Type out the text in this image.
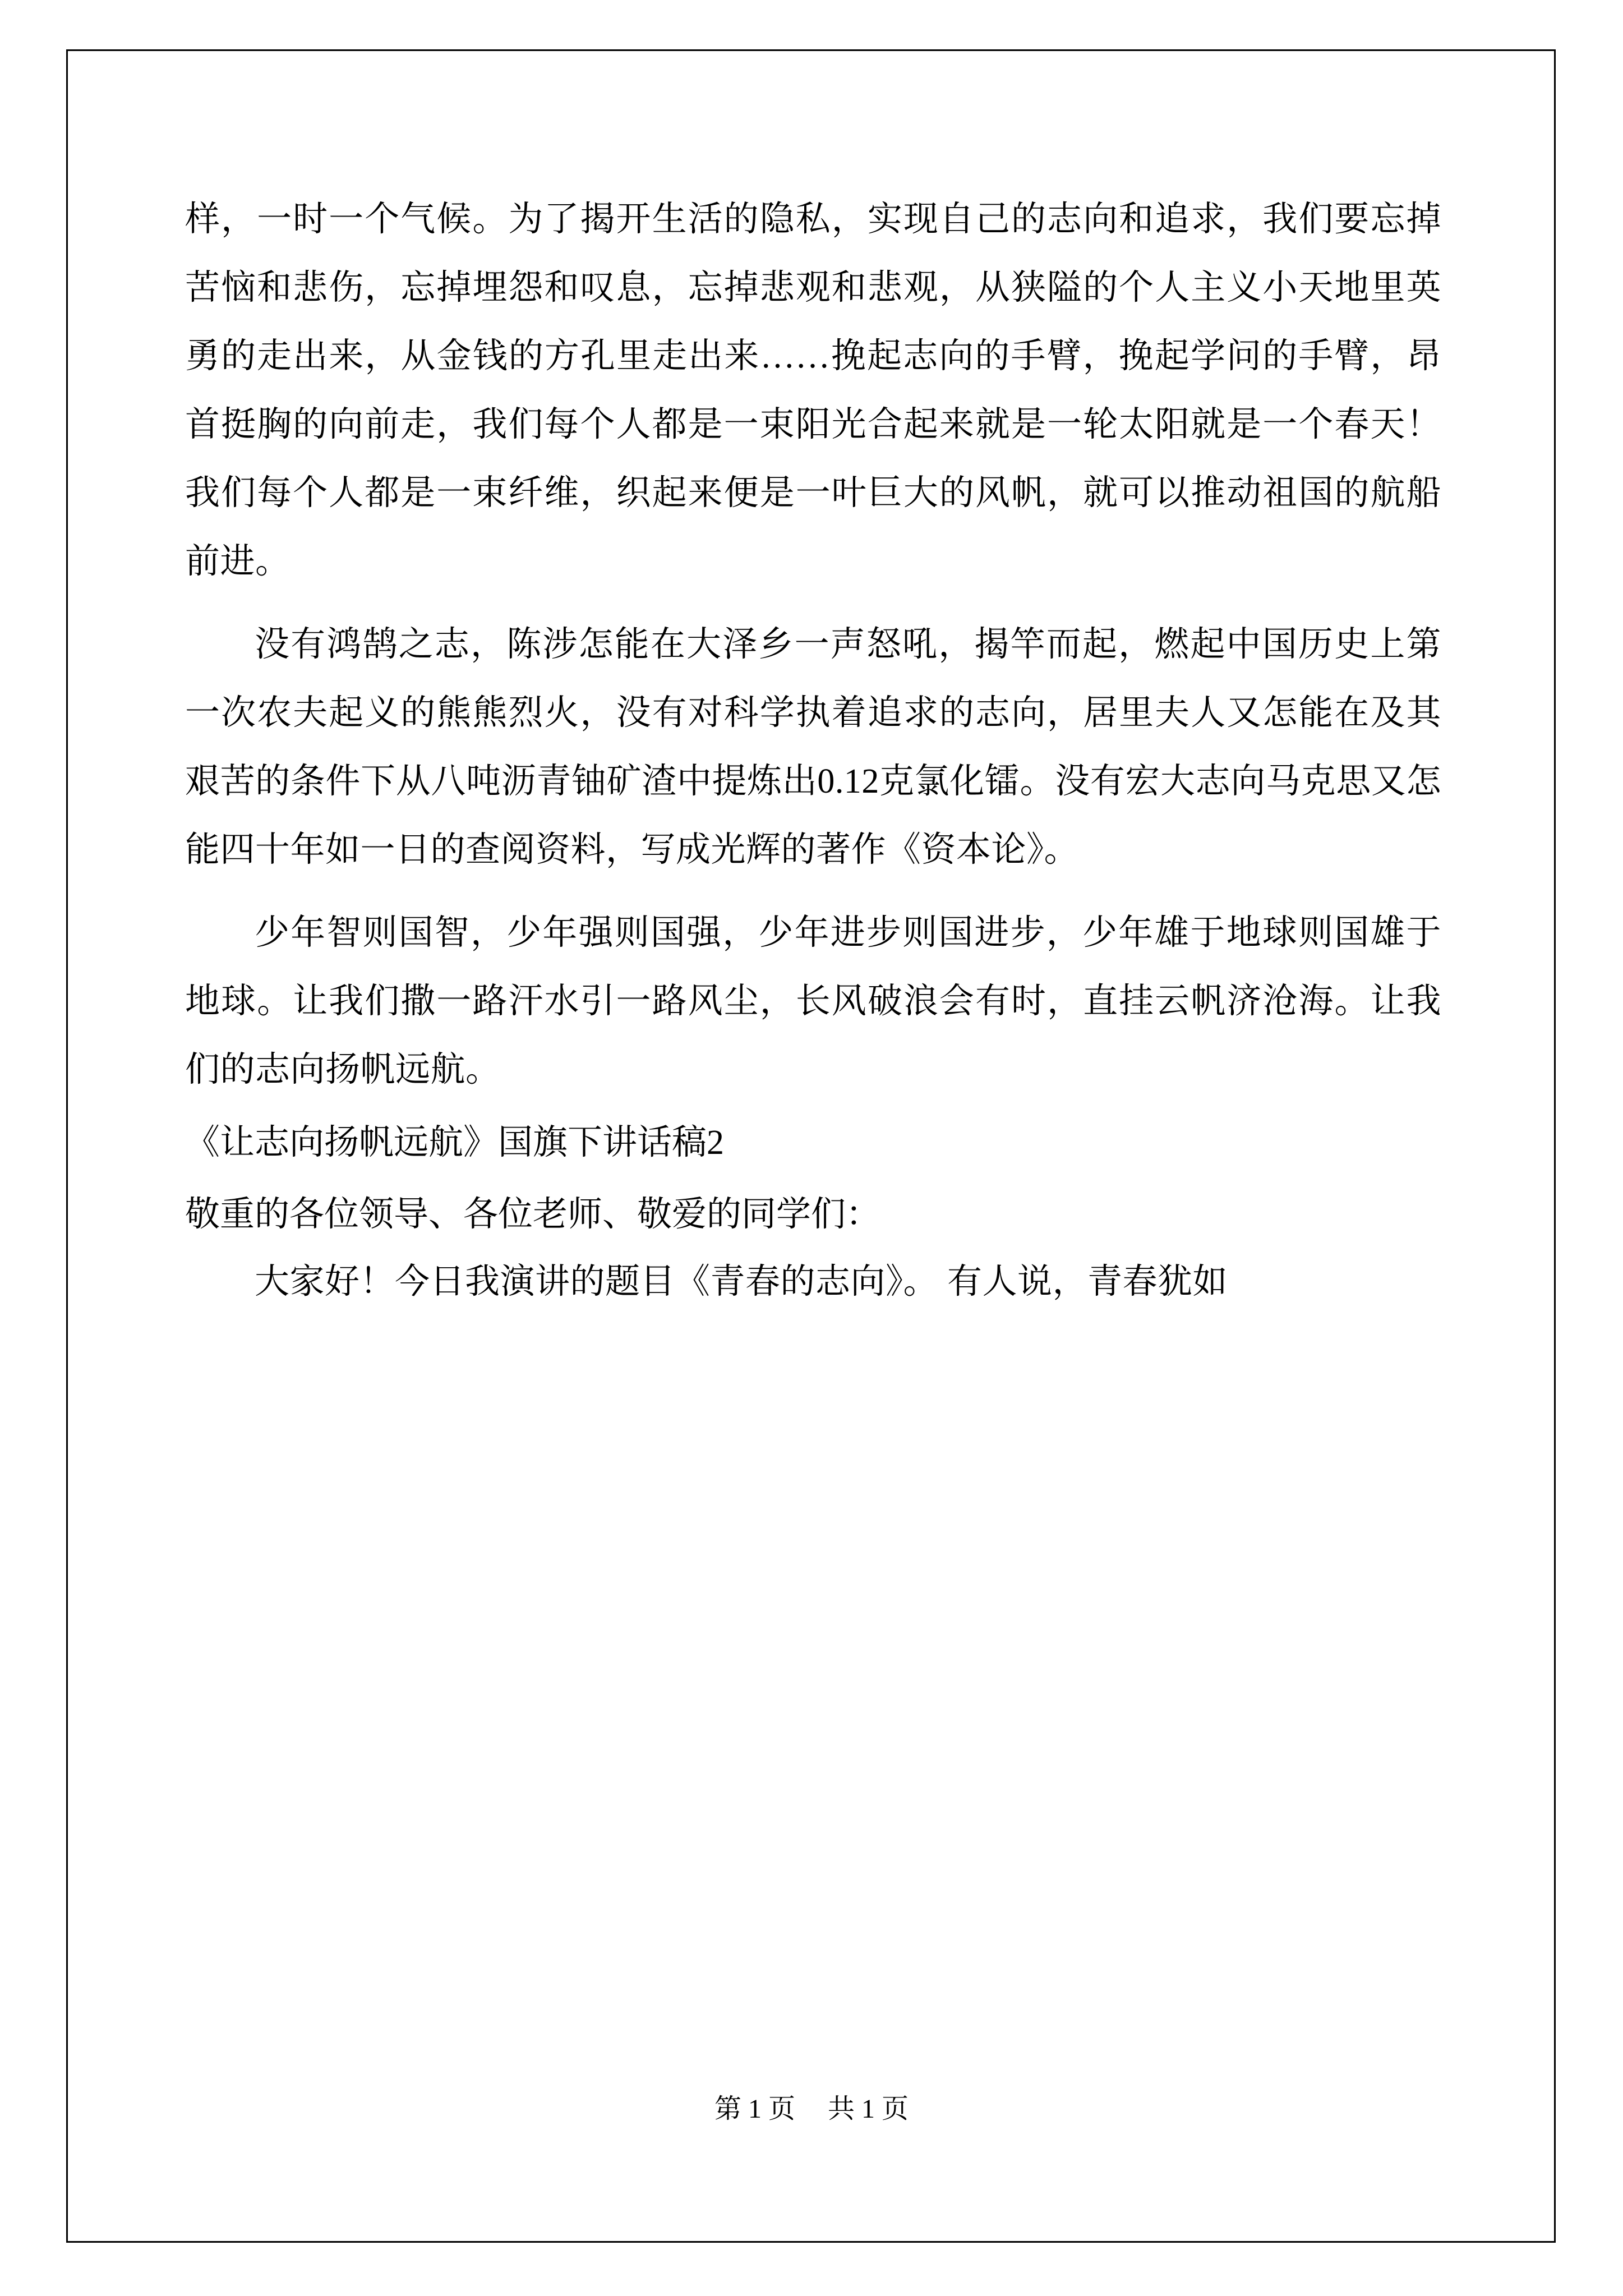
样，一时一个气候。为了揭开生活的隐私，实现自己的志向和追求，我们要忘掉苦恼和悲伤，忘掉埋怨和叹息，忘掉悲观和悲观，从狭隘的个人主义小天地里英勇的走出来，从金钱的方孔里走出来……挽起志向的手臂，挽起学问的手臂，昂首挺胸的向前走，我们每个人都是一束阳光合起来就是一轮太阳就是一个春天！我们每个人都是一束纤维，织起来便是一叶巨大的风帆，就可以推动祖国的航船前进。

没有鸿鹄之志，陈涉怎能在大泽乡一声怒吼，揭竿而起，燃起中国历史上第一次农夫起义的熊熊烈火，没有对科学执着追求的志向，居里夫人又怎能在及其艰苦的条件下从八吨沥青铀矿渣中提炼出0.12克氯化镭。没有宏大志向马克思又怎能四十年如一日的查阅资料，写成光辉的著作《资本论》。

少年智则国智，少年强则国强，少年进步则国进步，少年雄于地球则国雄于地球。让我们撒一路汗水引一路风尘，长风破浪会有时，直挂云帆济沧海。让我们的志向扬帆远航。

《让志向扬帆远航》国旗下讲话稿2

敬重的各位领导、各位老师、敬爱的同学们：

大家好！今日我演讲的题目《青春的志向》。 有人说，青春犹如

第 1 页 共 1 页
